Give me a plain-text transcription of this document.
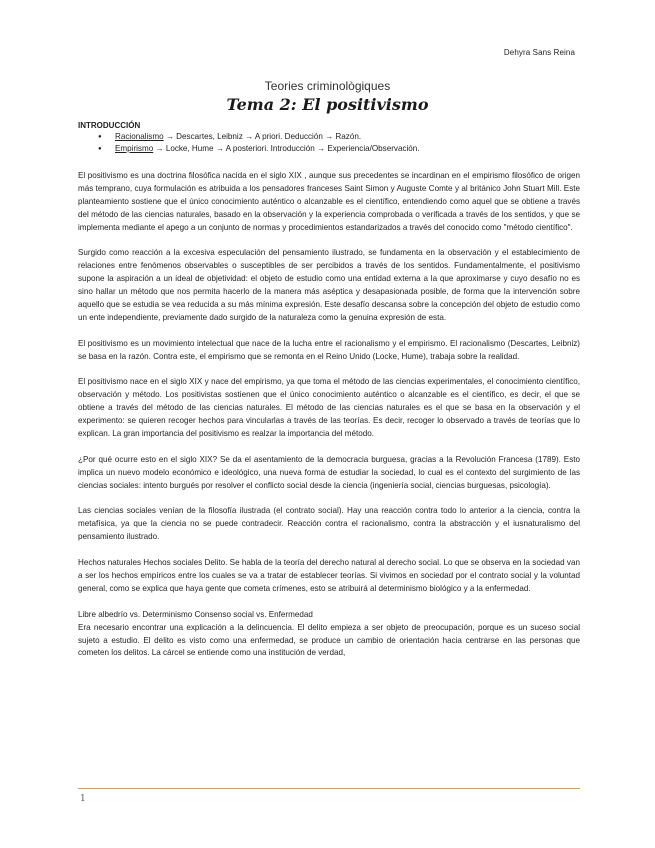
Dehyra Sans Reina
Teories criminològiques
Tema 2: El positivismo
INTRODUCCIÓN
● Racionalismo → Descartes, Leibniz → A priori. Deducción → Razón.
● Empirismo → Locke, Hume → A posteriori. Introducción → Experiencia/Observación.

El positivismo es una doctrina filosófica nacida en el siglo XIX , aunque sus precedentes se incardinan en el empirismo filosófico de origen más temprano, cuya formulación es atribuida a los pensadores franceses Saint Simon y Auguste Comte y al británico John Stuart Mill. Este planteamiento sostiene que el único conocimiento auténtico o alcanzable es el científico, entendiendo como aquel que se obtiene a través del método de las ciencias naturales, basado en la observación y la experiencia comprobada o verificada a través de los sentidos, y que se implementa mediante el apego a un conjunto de normas y procedimientos estandarizados a través del conocido como "método científico".

Surgido como reacción a la excesiva especulación del pensamiento ilustrado, se fundamenta en la observación y el establecimiento de relaciones entre fenómenos observables o susceptibles de ser percibidos a través de los sentidos. Fundamentalmente, el positivismo supone la aspiración a un ideal de objetividad: el objeto de estudio como una entidad externa a la que aproximarse y cuyo desafío no es sino hallar un método que nos permita hacerlo de la manera más aséptica y desapasionada posible, de forma que la intervención sobre aquello que se estudia se vea reducida a su más mínima expresión. Este desafío descansa sobre la concepción del objeto de estudio como un ente independiente, previamente dado surgido de la naturaleza como la genuina expresión de esta.

El positivismo es un movimiento intelectual que nace de la lucha entre el racionalismo y el empirismo. El racionalismo (Descartes, Leibniz) se basa en la razón. Contra este, el empirismo que se remonta en el Reino Unido (Locke, Hume), trabaja sobre la realidad.

El positivismo nace en el siglo XIX y nace del empirismo, ya que toma el método de las ciencias experimentales, el conocimiento científico, observación y método. Los positivistas sostienen que el único conocimiento auténtico o alcanzable es el científico, es decir, el que se obtiene a través del método de las ciencias naturales. El método de las ciencias naturales es el que se basa en la observación y el experimento: se quieren recoger hechos para vincularlas a través de las teorías. Es decir, recoger lo observado a través de teorías que lo explican. La gran importancia del positivismo es realzar la importancia del método.

¿Por qué ocurre esto en el siglo XIX? Se da el asentamiento de la democracia burguesa, gracias a la Revolución Francesa (1789). Esto implica un nuevo modelo económico e ideológico, una nueva forma de estudiar la sociedad, lo cual es el contexto del surgimiento de las ciencias sociales: intento burgués por resolver el conflicto social desde la ciencia (ingeniería social, ciencias burguesas, psicología).

Las ciencias sociales venían de la filosofía ilustrada (el contrato social). Hay una reacción contra todo lo anterior a la ciencia, contra la metafísica, ya que la ciencia no se puede contradecir. Reacción contra el racionalismo, contra la abstracción y el iusnaturalismo del pensamiento ilustrado.

Hechos naturales Hechos sociales Delito. Se habla de la teoría del derecho natural al derecho social. Lo que se observa en la sociedad van a ser los hechos empíricos entre los cuales se va a tratar de establecer teorías. Si vivimos en sociedad por el contrato social y la voluntad general, como se explica que haya gente que cometa crímenes, esto se atribuirá al determinismo biológico y a la enfermedad.

Libre albedrío vs. Determinismo Consenso social vs. Enfermedad

Era necesario encontrar una explicación a la delincuencia. El delito empieza a ser objeto de preocupación, porque es un suceso social sujeto a estudio. El delito es visto como una enfermedad, se produce un cambio de orientación hacia centrarse en las personas que cometen los delitos. La cárcel se entiende como una institución de verdad,

1
